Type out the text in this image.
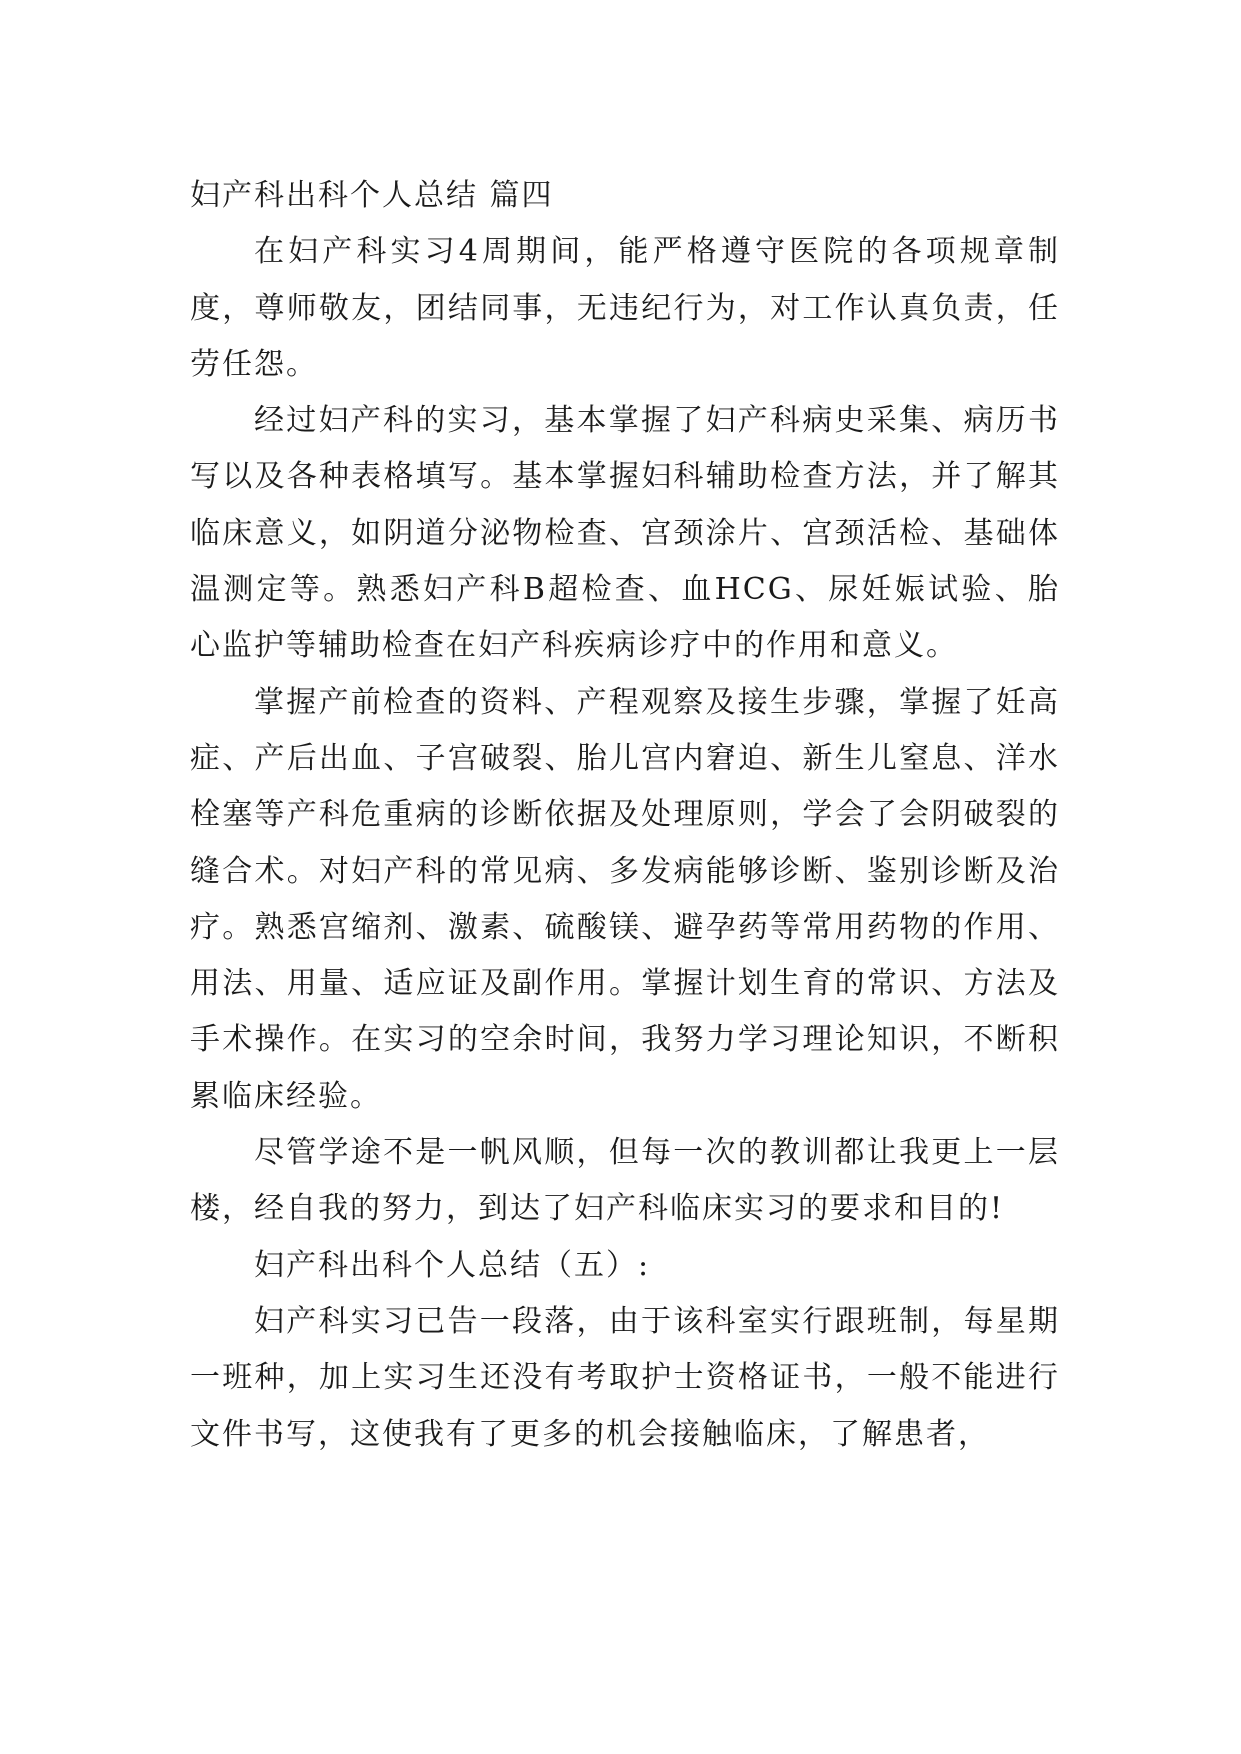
妇产科出科个人总结 篇四

在妇产科实习4周期间，能严格遵守医院的各项规章制度，尊师敬友，团结同事，无违纪行为，对工作认真负责，任劳任怨。

经过妇产科的实习，基本掌握了妇产科病史采集、病历书写以及各种表格填写。基本掌握妇科辅助检查方法，并了解其临床意义，如阴道分泌物检查、宫颈涂片、宫颈活检、基础体温测定等。熟悉妇产科B超检查、血HCG、尿妊娠试验、胎心监护等辅助检查在妇产科疾病诊疗中的作用和意义。

掌握产前检查的资料、产程观察及接生步骤，掌握了妊高症、产后出血、子宫破裂、胎儿宫内窘迫、新生儿窒息、洋水栓塞等产科危重病的诊断依据及处理原则，学会了会阴破裂的缝合术。对妇产科的常见病、多发病能够诊断、鉴别诊断及治疗。熟悉宫缩剂、激素、硫酸镁、避孕药等常用药物的作用、用法、用量、适应证及副作用。掌握计划生育的常识、方法及手术操作。在实习的空余时间，我努力学习理论知识，不断积累临床经验。

尽管学途不是一帆风顺，但每一次的教训都让我更上一层楼，经自我的努力，到达了妇产科临床实习的要求和目的!

妇产科出科个人总结（五）:

妇产科实习已告一段落，由于该科室实行跟班制，每星期一班种，加上实习生还没有考取护士资格证书，一般不能进行文件书写，这使我有了更多的机会接触临床，了解患者，
